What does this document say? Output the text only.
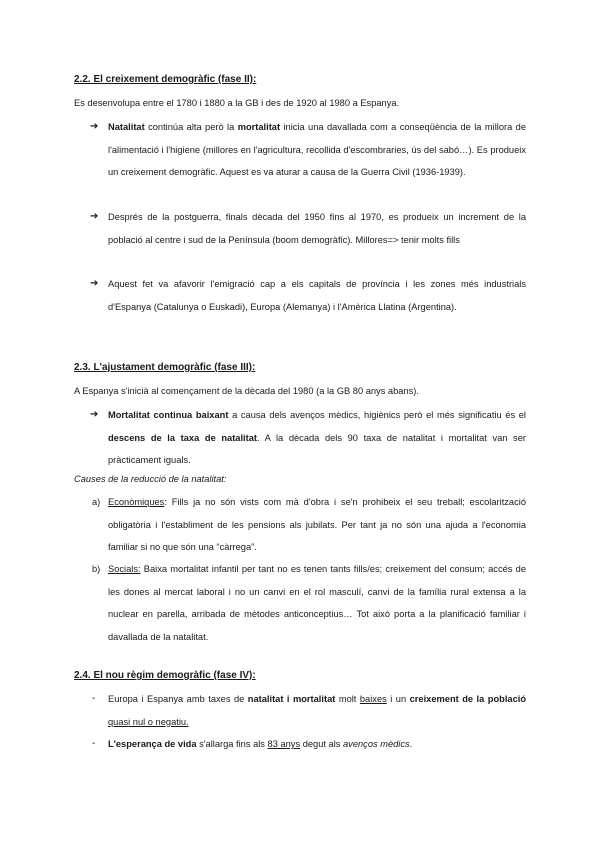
2.2. El creixement demogràfic (fase II):
Es desenvolupa entre el 1780 i 1880 a la GB i des de 1920 al 1980 a Espanya.
➔ Natalitat continúa alta però la mortalitat inicia una davallada com a conseqüència de la millora de l'alimentació i l'higiene (millores en l'agricultura, recollida d'escombraries, ús del sabó…). Es produeix un creixement demogràfic. Aquest es va aturar a causa de la Guerra Civil (1936-1939).
➔ Després de la postguerra, finals dècada del 1950 fins al 1970, es produeix un increment de la població al centre i sud de la Península (boom demogràfic). Millores=> tenir molts fills
➔ Aquest fet va afavorir l'emigració cap a els capitals de província i les zones més industrials d'Espanya (Catalunya o Euskadi), Europa (Alemanya) i l'Amèrica Llatina (Argentina).
2.3. L'ajustament demogràfic (fase III):
A Espanya s'inicià al començament de la dècada del 1980 (a la GB 80 anys abans).
➔ Mortalitat continua baixant a causa dels avenços mèdics, higiènics però el més significatiu és el descens de la taxa de natalitat. A la dècada dels 90 taxa de natalitat i mortalitat van ser pràcticament iguals.
Causes de la reducció de la natalitat:
a) Econòmiques: Fills ja no són vists com mà d'obra i se'n prohibeix el seu treball; escolarització obligatòria i l'establiment de les pensions als jubilats. Per tant ja no són una ajuda a l'economia familiar si no que són una “càrrega”.
b) Socials: Baixa mortalitat infantil per tant no es tenen tants fills/es; creixement del consum; accés de les dones al mercat laboral i no un canvi en el rol masculí, canvi de la família rural extensa a la nuclear en parella, arribada de mètodes anticonceptius… Tot això porta a la planificació familiar i davallada de la natalitat.
2.4. El nou règim demogràfic (fase IV):
- Europa i Espanya amb taxes de natalitat i mortalitat molt baixes i un creixement de la població quasi nul o negatiu.
- L'esperança de vida s'allarga fins als 83 anys degut als avenços mèdics.
